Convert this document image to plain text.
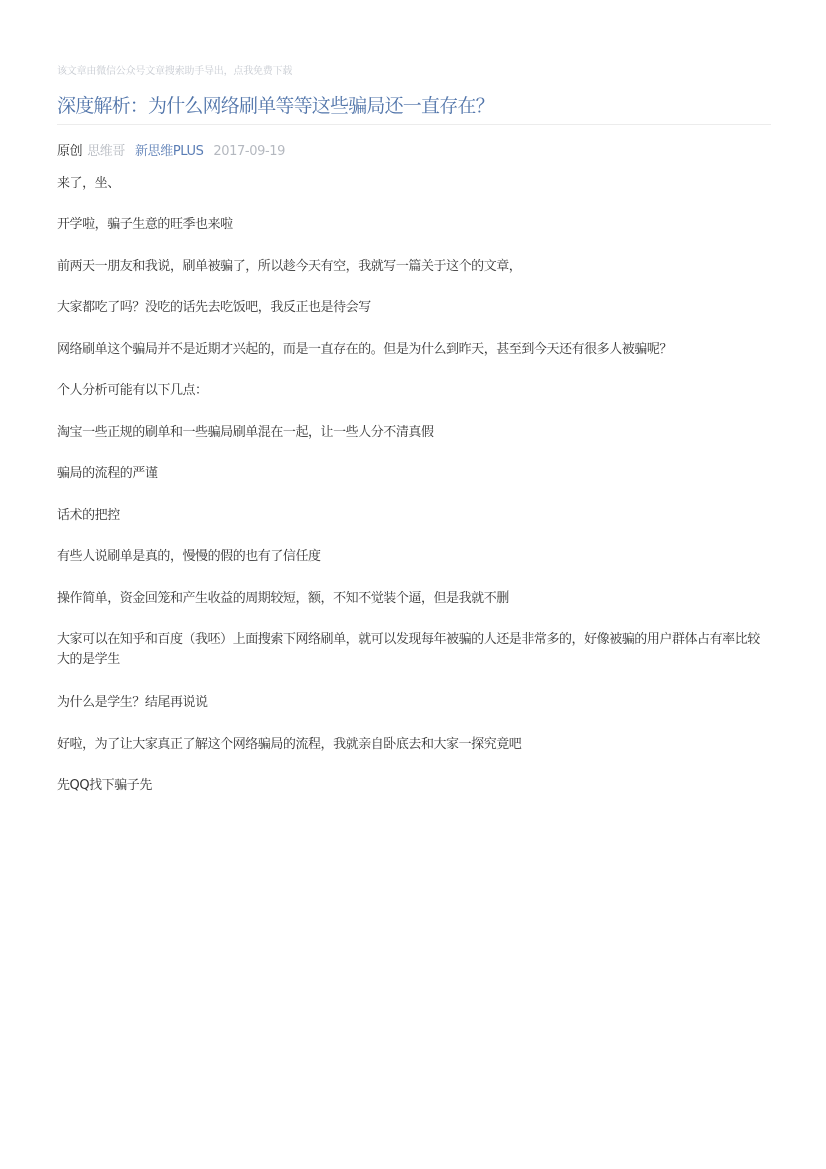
该文章由微信公众号文章搜索助手导出，点我免费下载
深度解析：为什么网络刷单等等这些骗局还一直存在？
原创 思维哥 新思维PLUS 2017-09-19

来了，坐、

开学啦，骗子生意的旺季也来啦

前两天一朋友和我说，刷单被骗了，所以趁今天有空，我就写一篇关于这个的文章，

大家都吃了吗？没吃的话先去吃饭吧，我反正也是待会写

网络刷单这个骗局并不是近期才兴起的，而是一直存在的。但是为什么到昨天，甚至到今天还有很多人被骗呢？

个人分析可能有以下几点：

淘宝一些正规的刷单和一些骗局刷单混在一起，让一些人分不清真假

骗局的流程的严谨

话术的把控

有些人说刷单是真的，慢慢的假的也有了信任度

操作简单，资金回笼和产生收益的周期较短，额，不知不觉装个逼，但是我就不删

大家可以在知乎和百度（我呸）上面搜索下网络刷单，就可以发现每年被骗的人还是非常多的，好像被骗的用户群体占有率比较大的是学生

为什么是学生？结尾再说说

好啦，为了让大家真正了解这个网络骗局的流程，我就亲自卧底去和大家一探究竟吧

先QQ找下骗子先
